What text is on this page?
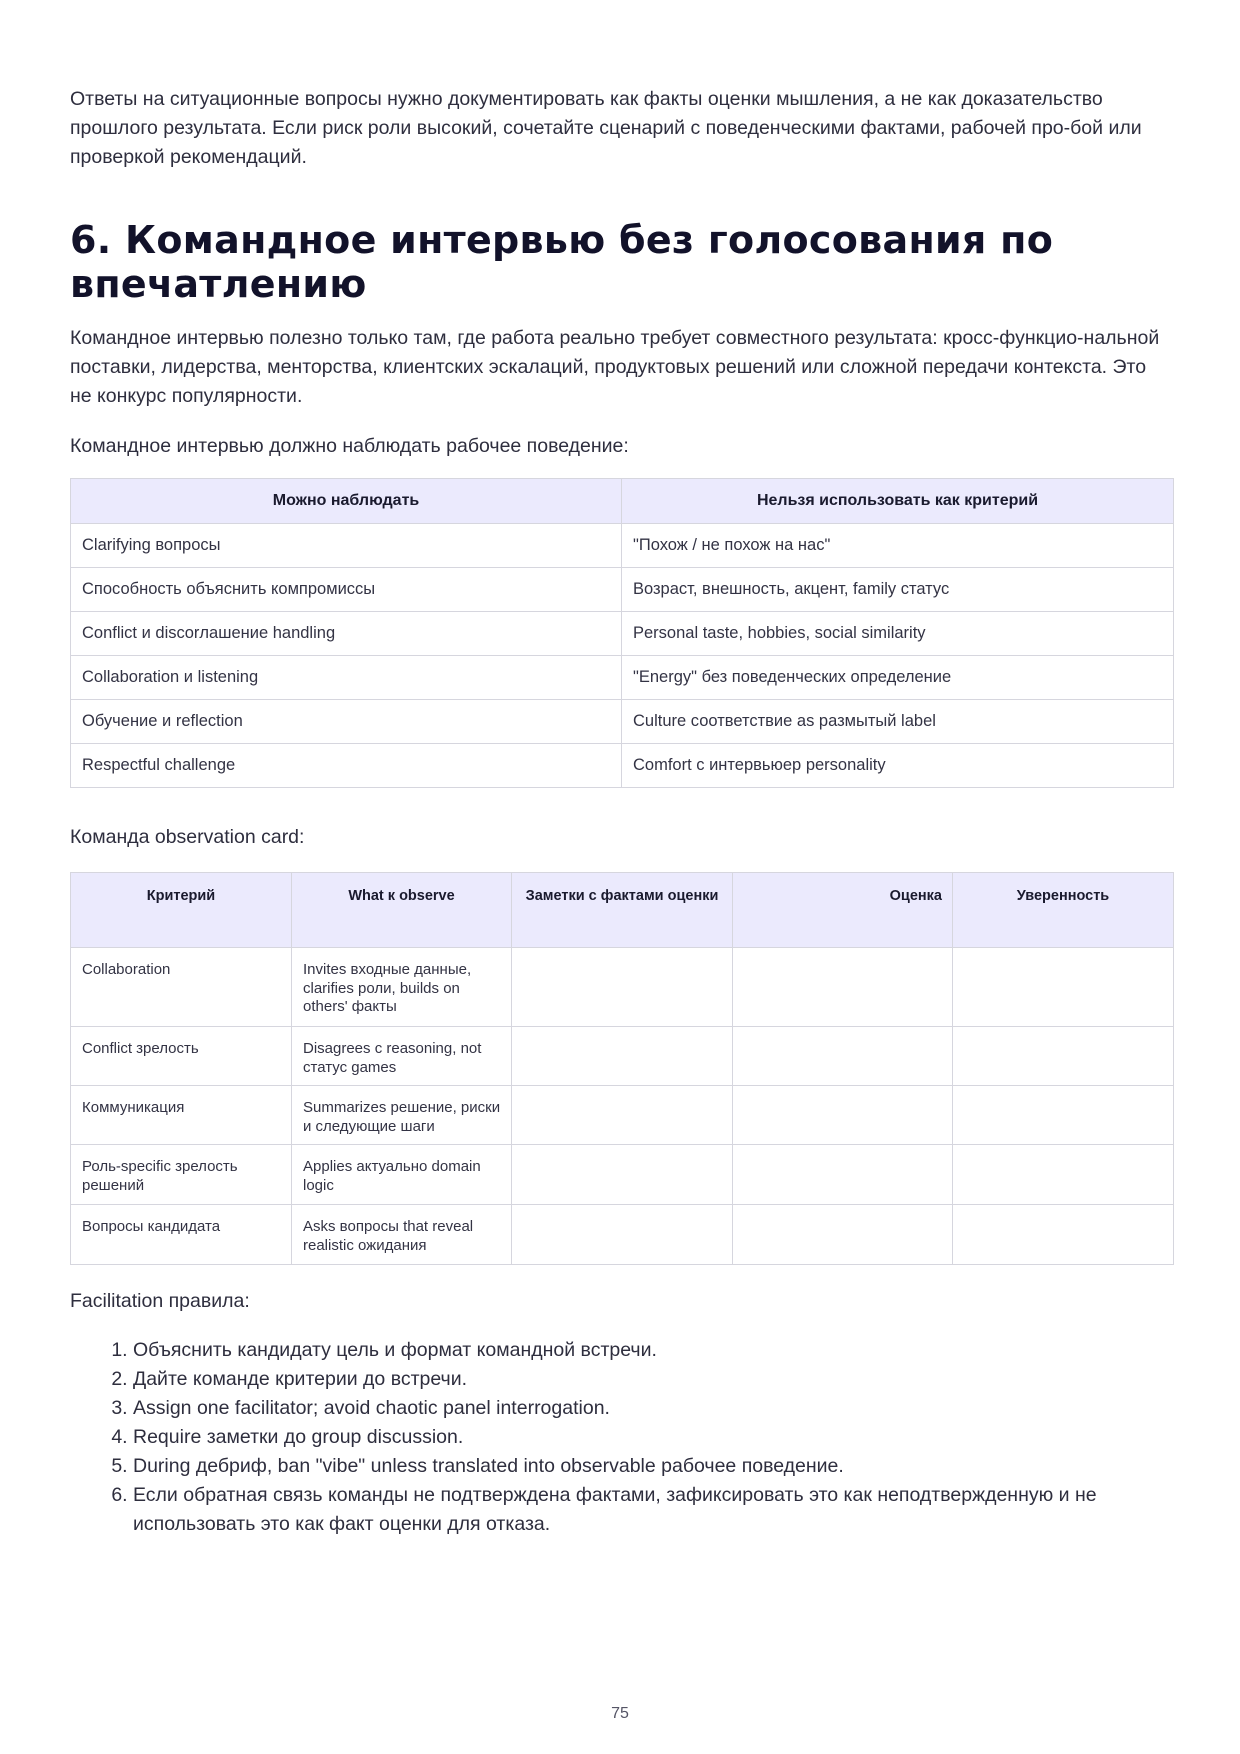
Ответы на ситуационные вопросы нужно документировать как факты оценки мышления, а не как доказательство прошлого результата. Если риск роли высокий, сочетайте сценарий с поведенческими фактами, рабочей про-бой или проверкой рекомендаций.

6. Командное интервью без голосования по впечатлению

Командное интервью полезно только там, где работа реально требует совместного результата: кросс-функцио-нальной поставки, лидерства, менторства, клиентских эскалаций, продуктовых решений или сложной передачи контекста. Это не конкурс популярности.

Командное интервью должно наблюдать рабочее поведение:

Можно наблюдать	Нельзя использовать как критерий
Clarifying вопросы	"Похож / не похож на нас"
Способность объяснить компромиссы	Возраст, внешность, акцент, family статус
Conflict и discorлашение handling	Personal taste, hobbies, social similarity
Collaboration и listening	"Energy" без поведенческих определение
Обучение и reflection	Culture соответствие as размытый label
Respectful challenge	Comfort с интервьюер personality

Команда observation card:

Критерий	What к observe	Заметки с фактами оценки	Оценка	Уверенность
Collaboration	Invites входные данные, clarifies роли, builds on others' факты			
Conflict зрелость	Disagrees с reasoning, not статус games			
Коммуникация	Summarizes решение, риски и следующие шаги			
Роль-specific зрелость решений	Applies актуально domain logic			
Вопросы кандидата	Asks вопросы that reveal realistic ожидания			

Facilitation правила:

1. Объяснить кандидату цель и формат командной встречи.
2. Дайте команде критерии до встречи.
3. Assign one facilitator; avoid chaotic panel interrogation.
4. Require заметки до group discussion.
5. During дебриф, ban "vibe" unless translated into observable рабочее поведение.
6. Если обратная связь команды не подтверждена фактами, зафиксировать это как неподтвержденную и не использовать это как факт оценки для отказа.
75
